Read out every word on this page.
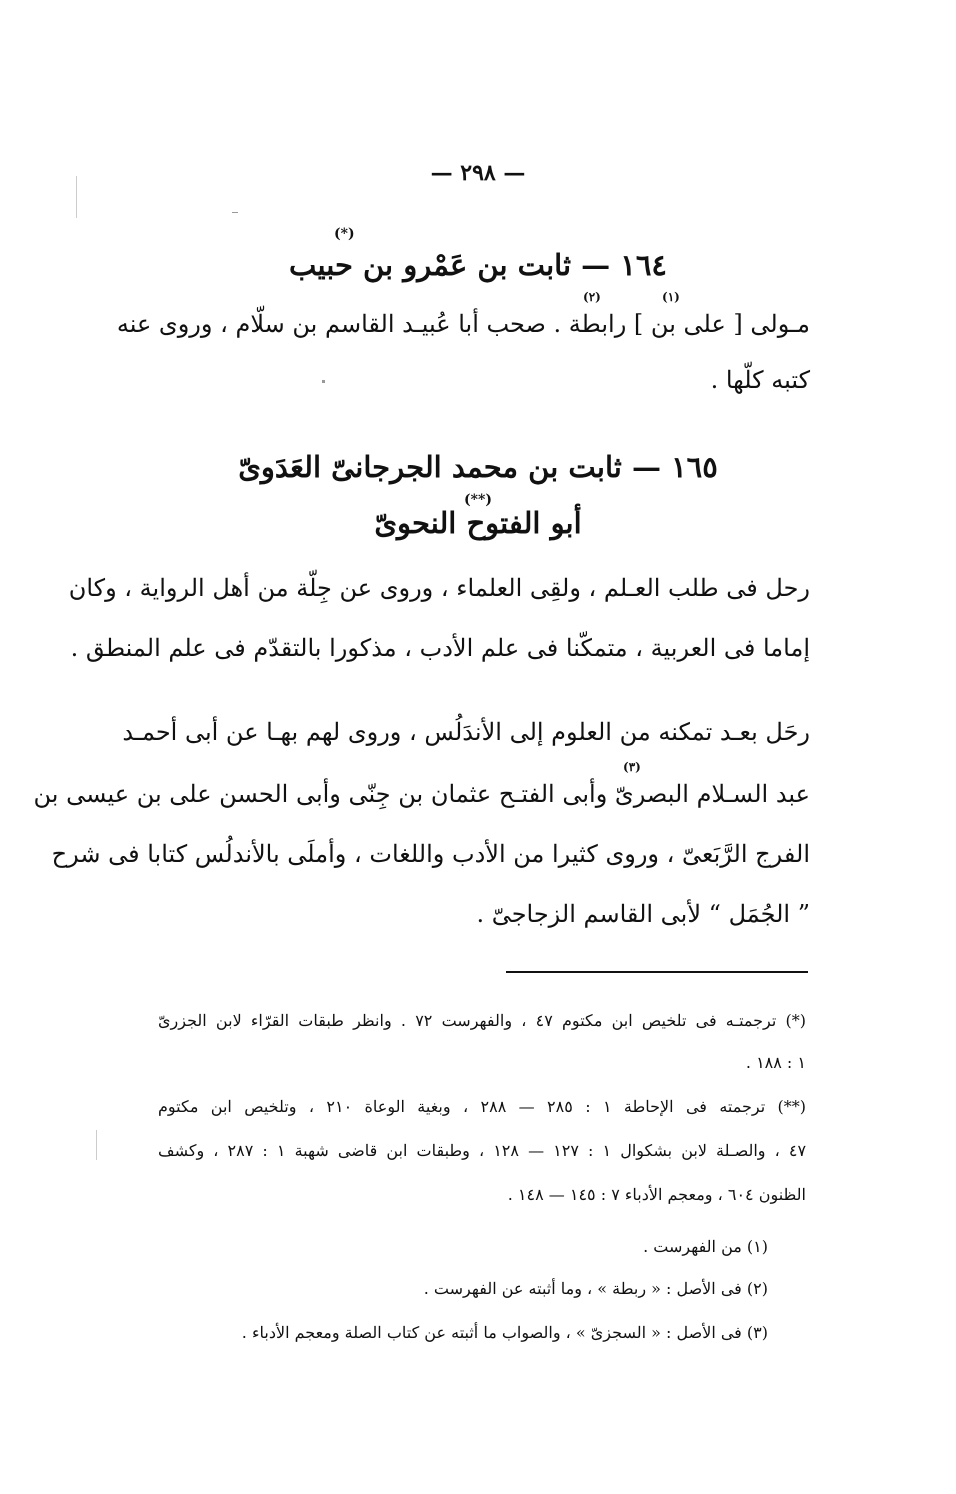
— ٢٩٨ —
(*)
١٦٤ — ثابت بن عَمْرو بن حبيب
(١)
(٢)
مـولى [ على بن ] رابطة . صحب أبا عُبيـد القاسم بن سلّام ، وروى عنه
كتبه كلّها .
١٦٥ — ثابت بن محمد الجرجانىّ العَدَوىّ
(**)
أبو الفتوح النحوىّ
رحل فى طلب العـلم ، ولقِى العلماء ، وروى عن جِلّة من أهل الرواية ، وكان
إماما فى العربية ، متمكّنا فى علم الأدب ، مذكورا بالتقدّم فى علم المنطق .
رحَل بعـد تمكنه من العلوم إلى الأندَلُس ، وروى لهم بهـا عن أبى أحمـد
(٣)
عبد السـلام البصرىّ وأبى الفتـح عثمان بن جِنّى وأبى الحسن على بن عيسى بن
الفرج الرَّبَعىّ ، وروى كثيرا من الأدب واللغات ، وأملَى بالأندلُس كتابا فى شرح
” الجُمَل “ لأبى القاسم الزجاجىّ .
(*) ترجمتـه فى تلخيص ابن مكتوم ٤٧ ، والفهرست ٧٢ . وانظر طبقات القرّاء لابن الجزرىّ
١ : ١٨٨ .
(**) ترجمته فى الإحاطة ١ : ٢٨٥ — ٢٨٨ ، وبغية الوعاة ٢١٠ ، وتلخيص ابن مكتوم
٤٧ ، والصـلة لابن بشكوال ١ : ١٢٧ — ١٢٨ ، وطبقات ابن قاضى شهبة ١ : ٢٨٧ ، وكشف
الظنون ٦٠٤ ، ومعجم الأدباء ٧ : ١٤٥ — ١٤٨ .
(١) من الفهرست .
(٢) فى الأصل : « ربطة » ، وما أثبته عن الفهرست .
(٣) فى الأصل : « السجزىّ » ، والصواب ما أثبته عن كتاب الصلة ومعجم الأدباء .
